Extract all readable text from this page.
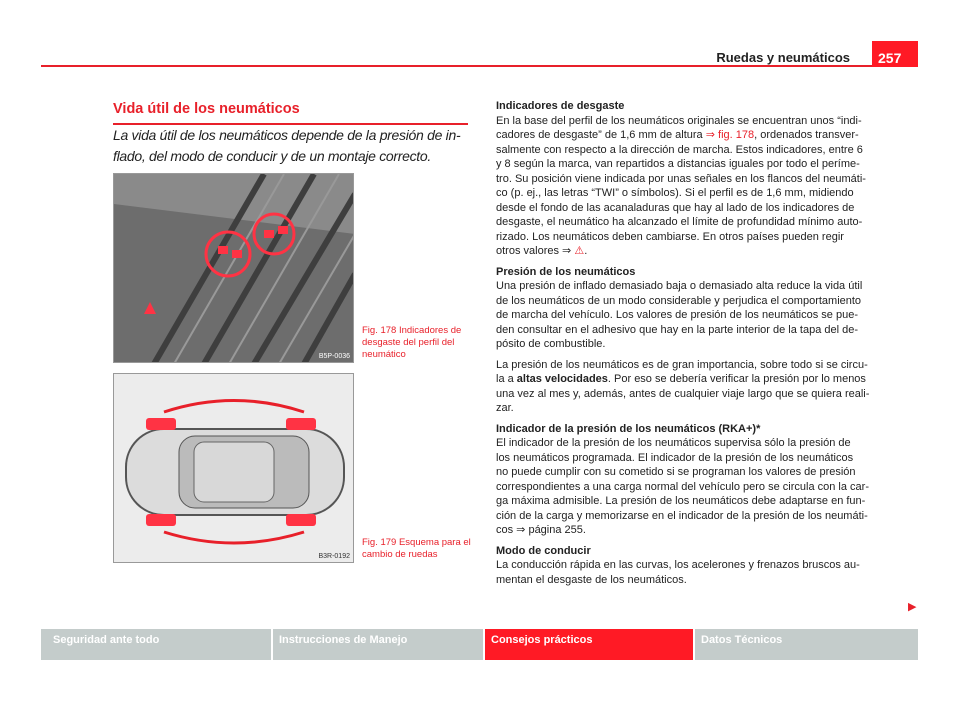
Ruedas y neumáticos	257
Vida útil de los neumáticos
La vida útil de los neumáticos depende de la presión de in-
flado, del modo de conducir y de un montaje correcto.
B5P-0036
Fig. 178 Indicadores de
desgaste del perfil del
neumático
B3R-0192
Fig. 179 Esquema para el
cambio de ruedas
Indicadores de desgaste
En la base del perfil de los neumáticos originales se encuentran unos “indi-
cadores de desgaste” de 1,6 mm de altura ⇒ fig. 178, ordenados transver-
salmente con respecto a la dirección de marcha. Estos indicadores, entre 6
y 8 según la marca, van repartidos a distancias iguales por todo el períme-
tro. Su posición viene indicada por unas señales en los flancos del neumáti-
co (p. ej., las letras “TWI” o símbolos). Si el perfil es de 1,6 mm, midiendo
desde el fondo de las acanaladuras que hay al lado de los indicadores de
desgaste, el neumático ha alcanzado el límite de profundidad mínimo auto-
rizado. Los neumáticos deben cambiarse. En otros países pueden regir
otros valores ⇒ ⚠.
Presión de los neumáticos
Una presión de inflado demasiado baja o demasiado alta reduce la vida útil
de los neumáticos de un modo considerable y perjudica el comportamiento
de marcha del vehículo. Los valores de presión de los neumáticos se pue-
den consultar en el adhesivo que hay en la parte interior de la tapa del de-
pósito de combustible.
La presión de los neumáticos es de gran importancia, sobre todo si se circu-
la a altas velocidades. Por eso se debería verificar la presión por lo menos
una vez al mes y, además, antes de cualquier viaje largo que se quiera reali-
zar.
Indicador de la presión de los neumáticos (RKA+)*
El indicador de la presión de los neumáticos supervisa sólo la presión de
los neumáticos programada. El indicador de la presión de los neumáticos
no puede cumplir con su cometido si se programan los valores de presión
correspondientes a una carga normal del vehículo pero se circula con la car-
ga máxima admisible. La presión de los neumáticos debe adaptarse en fun-
ción de la carga y memorizarse en el indicador de la presión de los neumáti-
cos ⇒ página 255.
Modo de conducir
La conducción rápida en las curvas, los acelerones y frenazos bruscos au-
mentan el desgaste de los neumáticos.
▶
Seguridad ante todo	Instrucciones de Manejo	Consejos prácticos	Datos Técnicos
